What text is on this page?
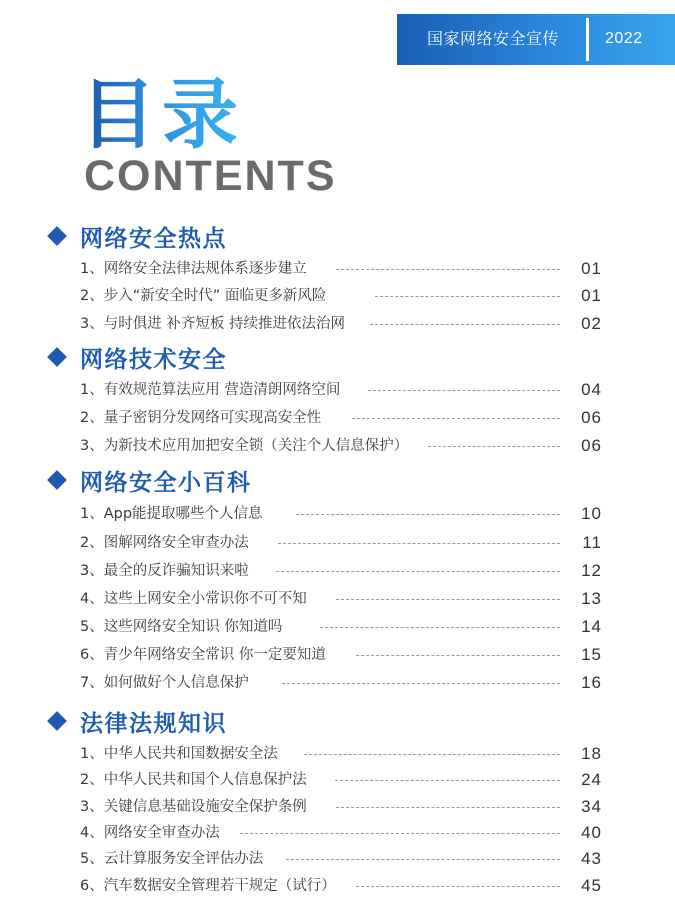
国家网络安全宣传	2022
目录
CONTENTS
网络安全热点
1、网络安全法律法规体系逐步建立	01
2、步入“新安全时代” 面临更多新风险	01
3、与时俱进 补齐短板 持续推进依法治网	02
网络技术安全
1、有效规范算法应用 营造清朗网络空间	04
2、量子密钥分发网络可实现高安全性	06
3、为新技术应用加把安全锁（关注个人信息保护）	06
网络安全小百科
1、App能提取哪些个人信息	10
2、图解网络安全审查办法	11
3、最全的反诈骗知识来啦	12
4、这些上网安全小常识你不可不知	13
5、这些网络安全知识 你知道吗	14
6、青少年网络安全常识 你一定要知道	15
7、如何做好个人信息保护	16
法律法规知识
1、中华人民共和国数据安全法	18
2、中华人民共和国个人信息保护法	24
3、关键信息基础设施安全保护条例	34
4、网络安全审查办法	40
5、云计算服务安全评估办法	43
6、汽车数据安全管理若干规定（试行）	45
